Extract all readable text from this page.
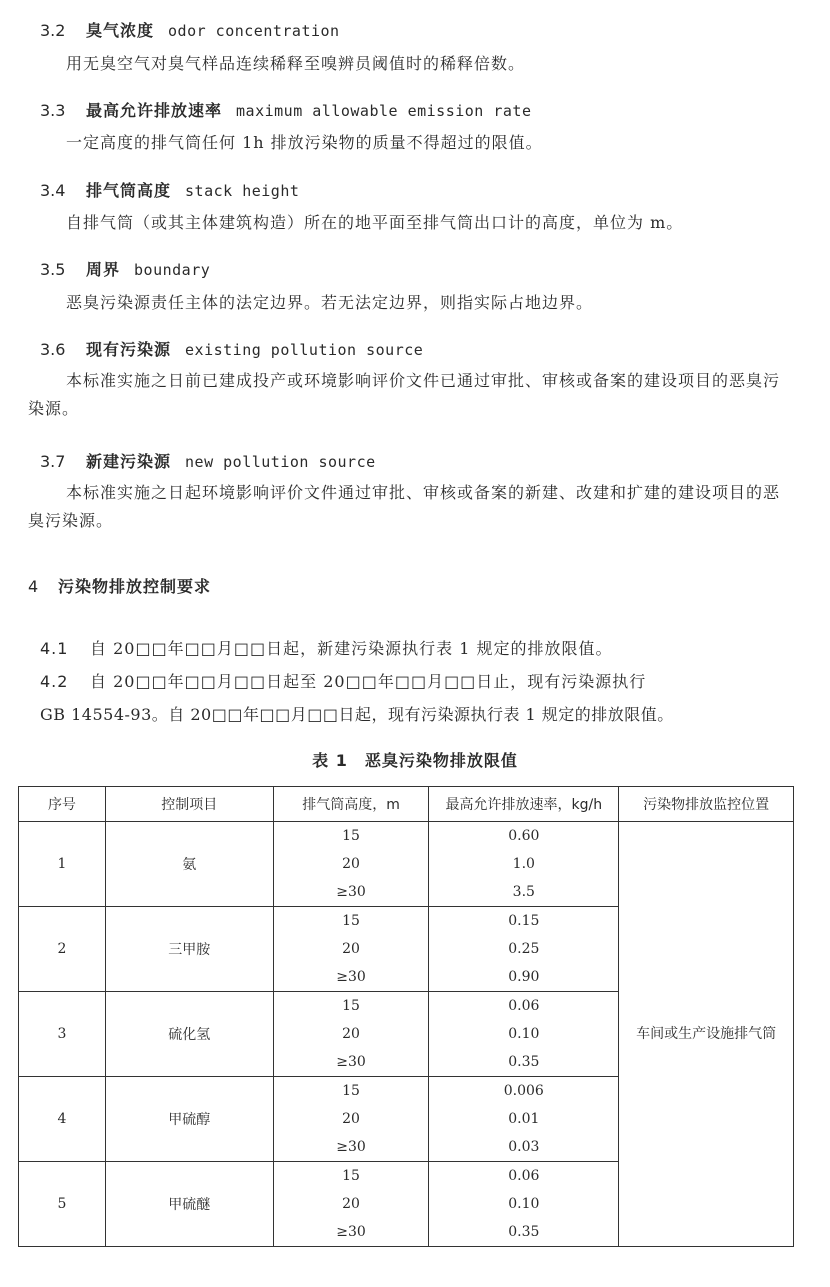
3.2 臭气浓度 odor concentration
用无臭空气对臭气样品连续稀释至嗅辨员阈值时的稀释倍数。
3.3 最高允许排放速率 maximum allowable emission rate
一定高度的排气筒任何 1h 排放污染物的质量不得超过的限值。
3.4 排气筒高度 stack height
自排气筒（或其主体建筑构造）所在的地平面至排气筒出口计的高度，单位为 m。
3.5 周界 boundary
恶臭污染源责任主体的法定边界。若无法定边界，则指实际占地边界。
3.6 现有污染源 existing pollution source
本标准实施之日前已建成投产或环境影响评价文件已通过审批、审核或备案的建设项目的恶臭污染源。
3.7 新建污染源 new pollution source
本标准实施之日起环境影响评价文件通过审批、审核或备案的新建、改建和扩建的建设项目的恶臭污染源。
4 污染物排放控制要求
4.1 自 20□□年□□月□□日起，新建污染源执行表 1 规定的排放限值。
4.2 自 20□□年□□月□□日起至 20□□年□□月□□日止，现有污染源执行
GB 14554-93。自 20□□年□□月□□日起，现有污染源执行表 1 规定的排放限值。
表 1　恶臭污染物排放限值
序号	控制项目	排气筒高度，m	最高允许排放速率，kg/h	污染物排放监控位置
1	氨	15	0.60	车间或生产设施排气筒
		20	1.0	
		≥30	3.5	
2	三甲胺	15	0.15	
		20	0.25	
		≥30	0.90	
3	硫化氢	15	0.06	
		20	0.10	
		≥30	0.35	
4	甲硫醇	15	0.006	
		20	0.01	
		≥30	0.03	
5	甲硫醚	15	0.06	
		20	0.10	
		≥30	0.35	
